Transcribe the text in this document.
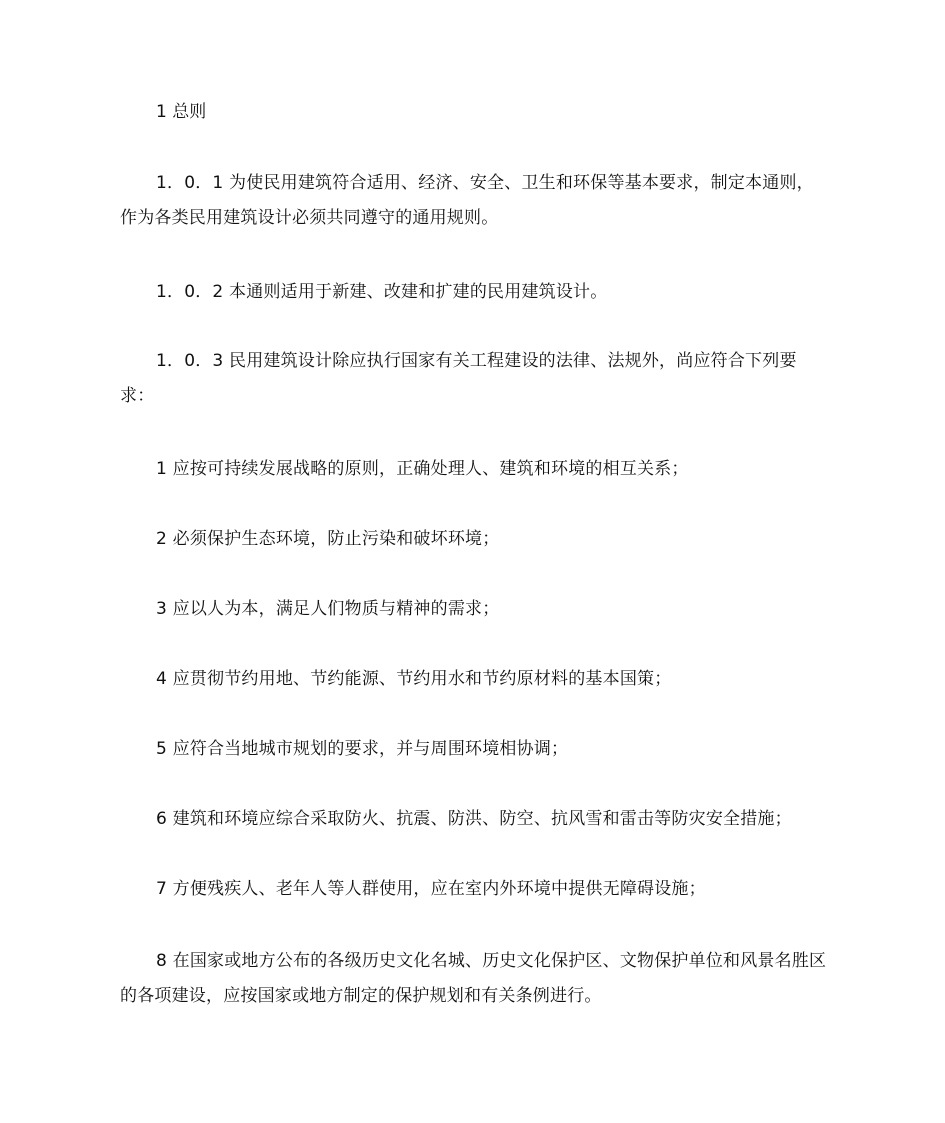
1 总则
1．0．1 为使民用建筑符合适用、经济、安全、卫生和环保等基本要求，制定本通则，作为各类民用建筑设计必须共同遵守的通用规则。
1．0．2 本通则适用于新建、改建和扩建的民用建筑设计。
1．0．3 民用建筑设计除应执行国家有关工程建设的法律、法规外，尚应符合下列要求：
1 应按可持续发展战略的原则，正确处理人、建筑和环境的相互关系；
2 必须保护生态环境，防止污染和破坏环境；
3 应以人为本，满足人们物质与精神的需求；
4 应贯彻节约用地、节约能源、节约用水和节约原材料的基本国策；
5 应符合当地城市规划的要求，并与周围环境相协调；
6 建筑和环境应综合采取防火、抗震、防洪、防空、抗风雪和雷击等防灾安全措施；
7 方便残疾人、老年人等人群使用，应在室内外环境中提供无障碍设施；
8 在国家或地方公布的各级历史文化名城、历史文化保护区、文物保护单位和风景名胜区的各项建设，应按国家或地方制定的保护规划和有关条例进行。
